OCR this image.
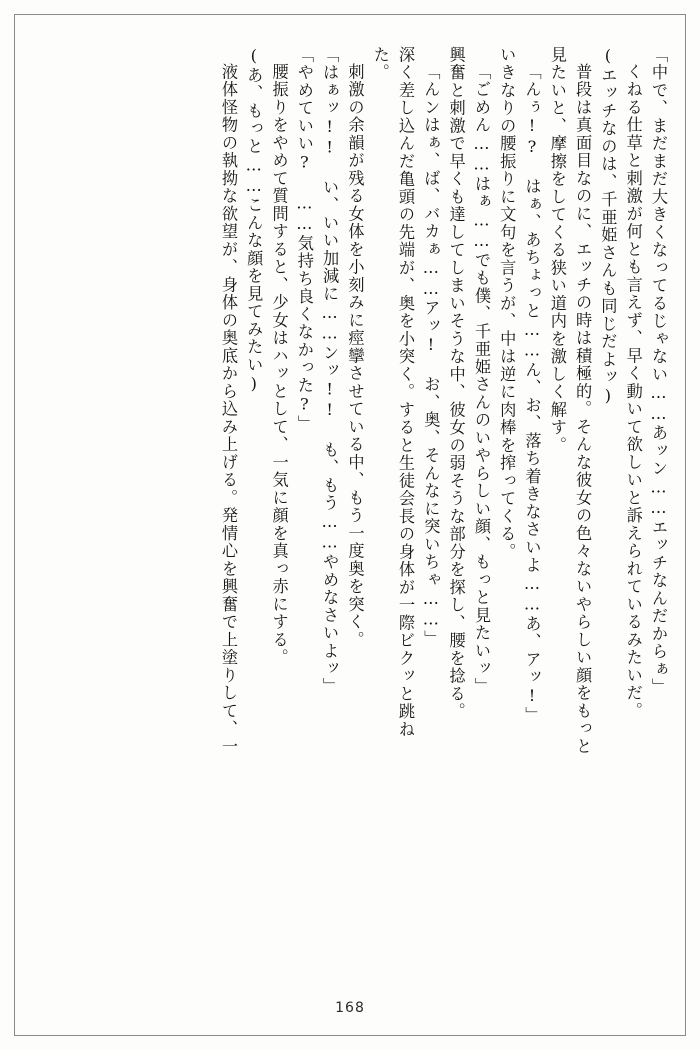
「中で、まだまだ大きくなってるじゃない……あッン……エッチなんだからぁ」
くねる仕草と刺激が何とも言えず、早く動いて欲しいと訴えられているみたいだ。
(エッチなのは、千亜姫さんも同じだよッ)
普段は真面目なのに、エッチの時は積極的。そんな彼女の色々ないやらしい顔をもっと
見たいと、摩擦をしてくる狭い道内を激しく解す。
「んぅ!? はぁ、あちょっと……ん、お、落ち着きなさいよ……あ、アッ!」
いきなりの腰振りに文句を言うが、中は逆に肉棒を搾ってくる。
「ごめん……はぁ……でも僕、千亜姫さんのいやらしい顔、もっと見たいッ」
興奮と刺激で早くも達してしまいそうな中、彼女の弱そうな部分を探し、腰を捻る。
「んンはぁ、ば、バカぁ……アッ! お、奥、そんなに突いちゃ……」
深く差し込んだ亀頭の先端が、奥を小突く。すると生徒会長の身体が一際ビクッと跳ね
た。
刺激の余韻が残る女体を小刻みに痙攣させている中、もう一度奥を突く。
「はぁッ!! い、いい加減に……ンッ!! も、もう……やめなさいよッ」
「やめていい? ……気持ち良くなかった?」
腰振りをやめて質問すると、少女はハッとして、一気に顔を真っ赤にする。
(あ、もっと……こんな顔を見てみたい)
液体怪物の執拗な欲望が、身体の奥底から込み上げる。発情心を興奮で上塗りして、一
168
